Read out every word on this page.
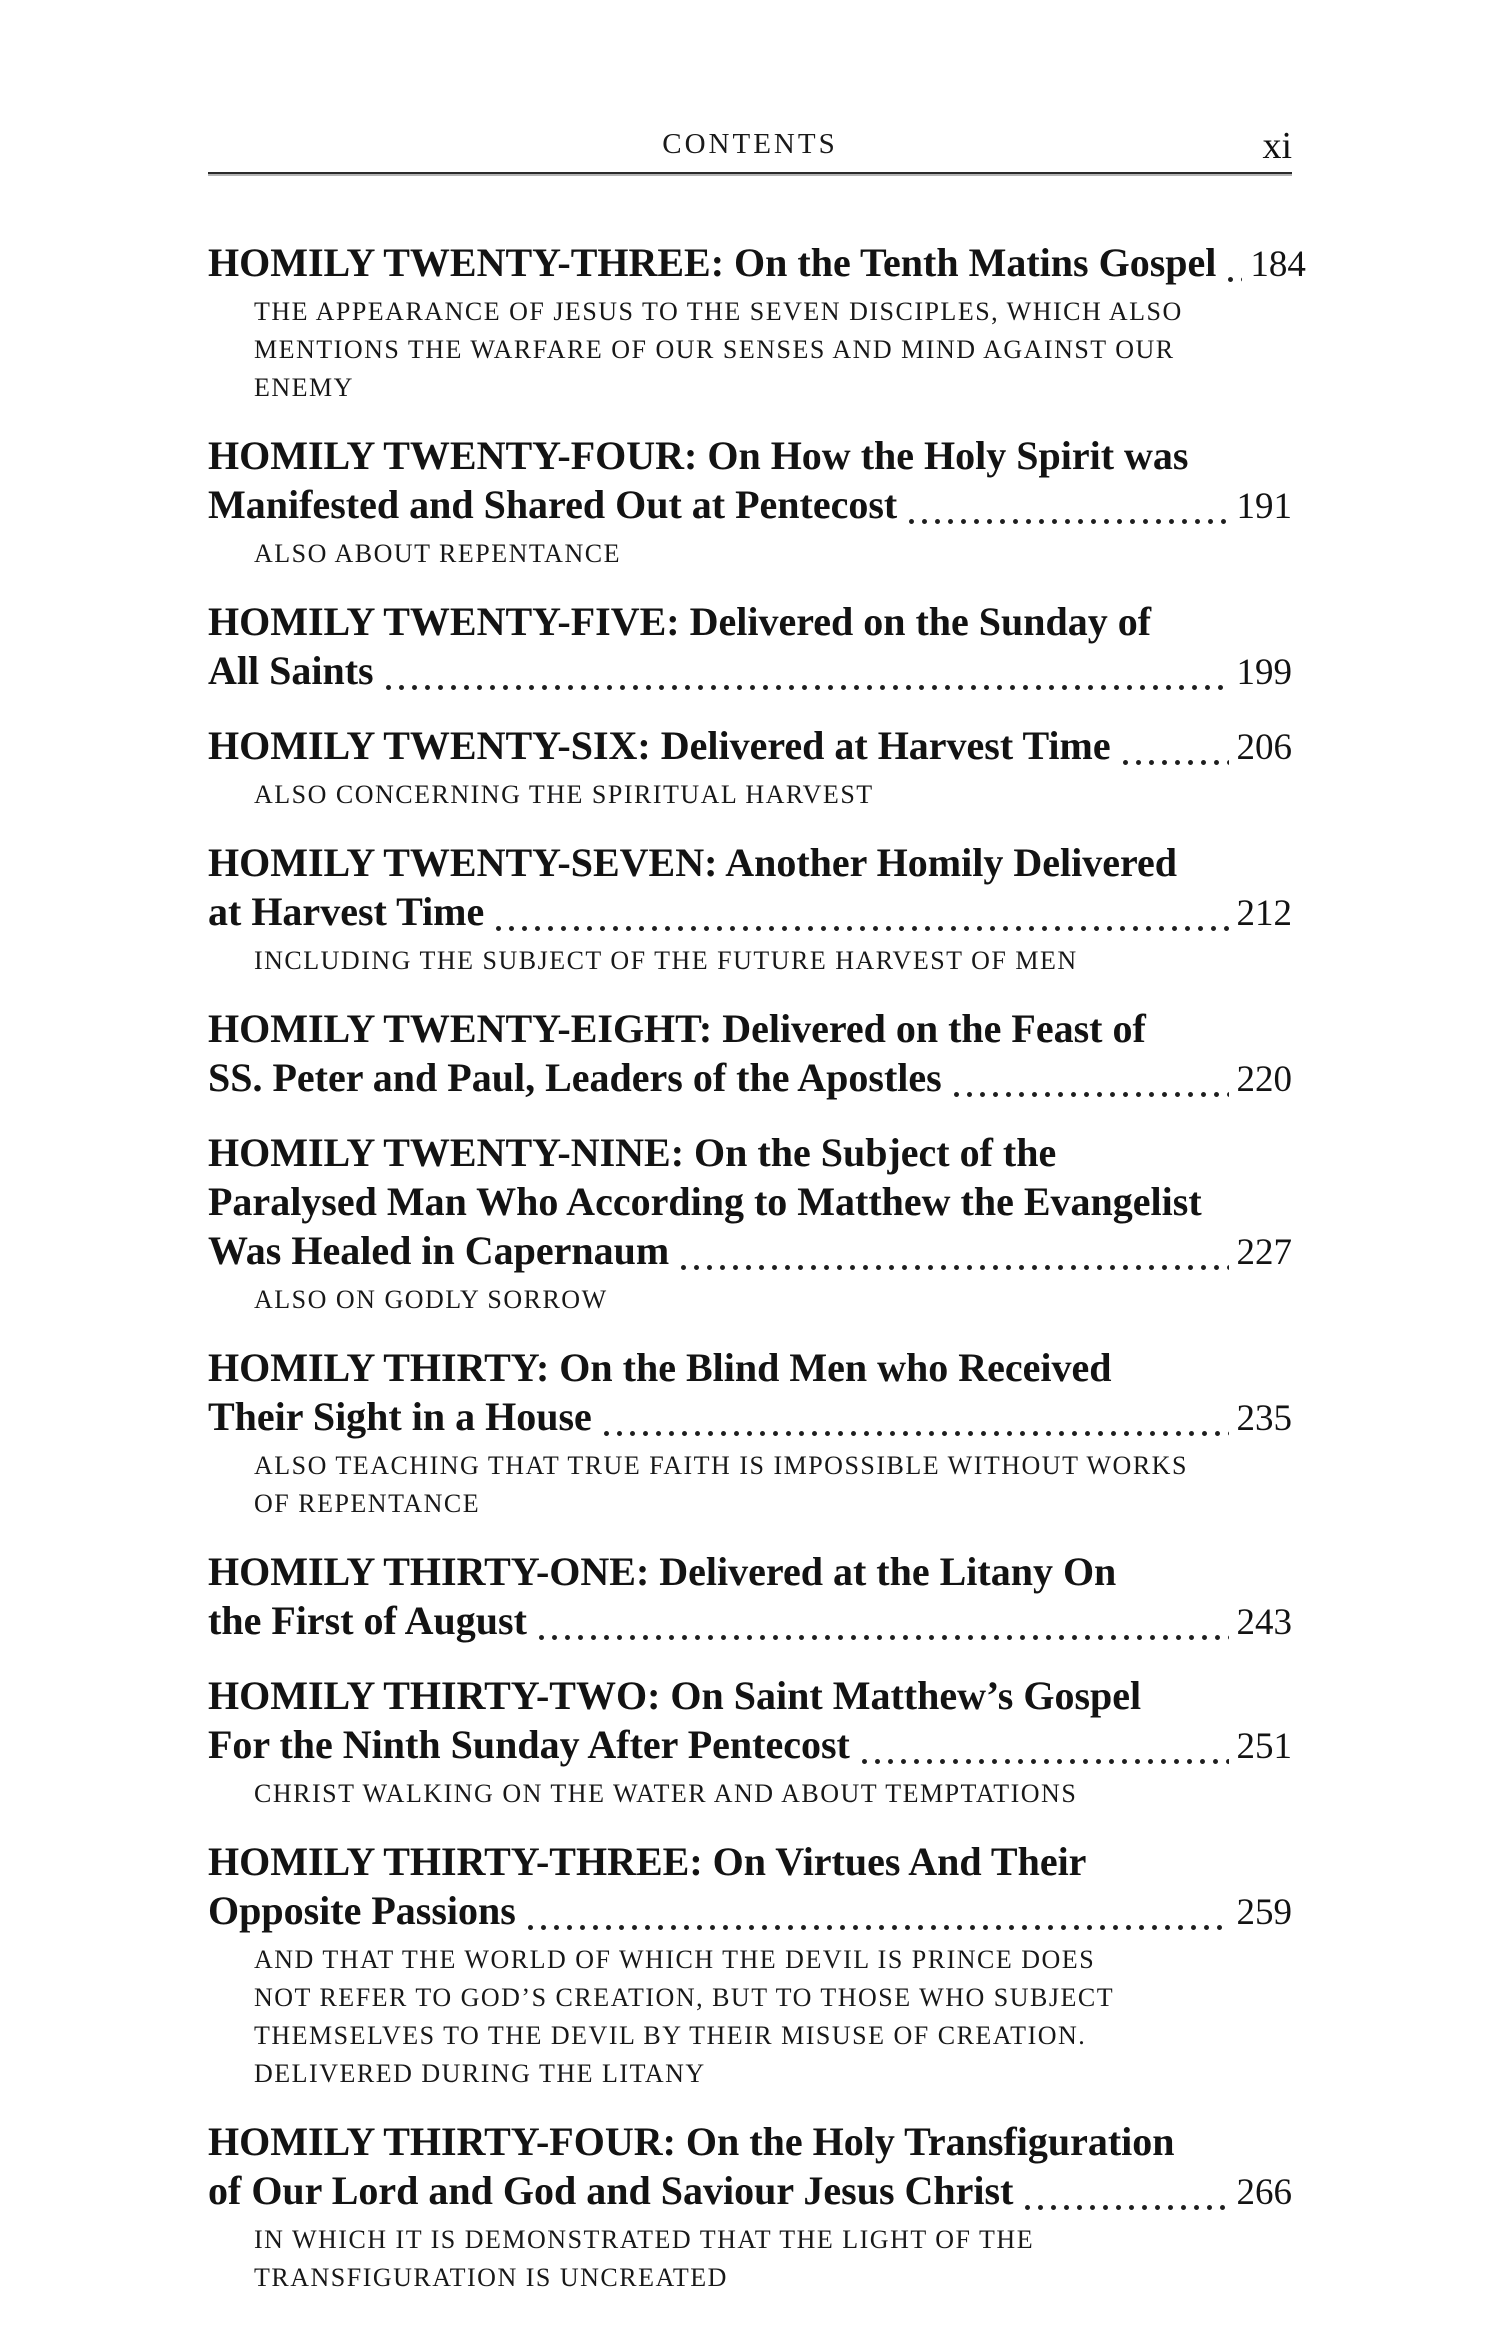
CONTENTS	xi
HOMILY TWENTY-THREE: On the Tenth Matins Gospel 184
THE APPEARANCE OF JESUS TO THE SEVEN DISCIPLES, WHICH ALSO
MENTIONS THE WARFARE OF OUR SENSES AND MIND AGAINST OUR
ENEMY
HOMILY TWENTY-FOUR: On How the Holy Spirit was
Manifested and Shared Out at Pentecost	191
ALSO ABOUT REPENTANCE
HOMILY TWENTY-FIVE: Delivered on the Sunday of
All Saints	199
HOMILY TWENTY-SIX: Delivered at Harvest Time	206
ALSO CONCERNING THE SPIRITUAL HARVEST
HOMILY TWENTY-SEVEN: Another Homily Delivered
at Harvest Time	212
INCLUDING THE SUBJECT OF THE FUTURE HARVEST OF MEN
HOMILY TWENTY-EIGHT: Delivered on the Feast of
SS. Peter and Paul, Leaders of the Apostles	220
HOMILY TWENTY-NINE: On the Subject of the
Paralysed Man Who According to Matthew the Evangelist
Was Healed in Capernaum	227
ALSO ON GODLY SORROW
HOMILY THIRTY: On the Blind Men who Received
Their Sight in a House	235
ALSO TEACHING THAT TRUE FAITH IS IMPOSSIBLE WITHOUT WORKS
OF REPENTANCE
HOMILY THIRTY-ONE: Delivered at the Litany On
the First of August	243
HOMILY THIRTY-TWO: On Saint Matthew’s Gospel
For the Ninth Sunday After Pentecost	251
CHRIST WALKING ON THE WATER AND ABOUT TEMPTATIONS
HOMILY THIRTY-THREE: On Virtues And Their
Opposite Passions	259
AND THAT THE WORLD OF WHICH THE DEVIL IS PRINCE DOES
NOT REFER TO GOD’S CREATION, BUT TO THOSE WHO SUBJECT
THEMSELVES TO THE DEVIL BY THEIR MISUSE OF CREATION.
DELIVERED DURING THE LITANY
HOMILY THIRTY-FOUR: On the Holy Transfiguration
of Our Lord and God and Saviour Jesus Christ	266
IN WHICH IT IS DEMONSTRATED THAT THE LIGHT OF THE
TRANSFIGURATION IS UNCREATED
